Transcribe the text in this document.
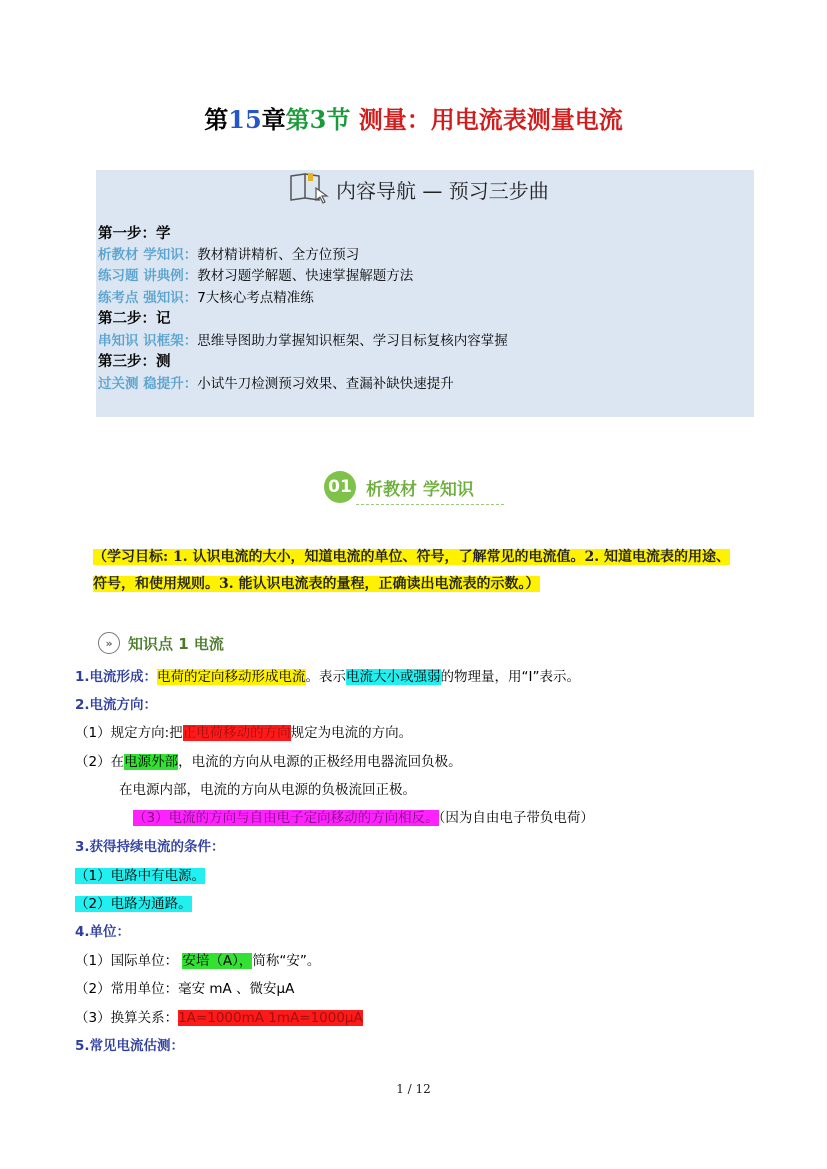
第15章第3节 测量：用电流表测量电流
内容导航 — 预习三步曲
第一步：学
析教材 学知识：教材精讲精析、全方位预习
练习题 讲典例：教材习题学解题、快速掌握解题方法
练考点 强知识：7大核心考点精准练
第二步：记
串知识 识框架：思维导图助力掌握知识框架、学习目标复核内容掌握
第三步：测
过关测 稳提升：小试牛刀检测预习效果、查漏补缺快速提升
01 析教材 学知识
（学习目标: 1. 认识电流的大小，知道电流的单位、符号，了解常见的电流值。2. 知道电流表的用途、
符号，和使用规则。3. 能认识电流表的量程，正确读出电流表的示数。）
»	知识点 1 电流
1.电流形成：电荷的定向移动形成电流。表示电流大小或强弱的物理量，用“I”表示。
2.电流方向：
（1）规定方向:把正电荷移动的方向规定为电流的方向。
（2）在电源外部，电流的方向从电源的正极经用电器流回负极。
在电源内部，电流的方向从电源的负极流回正极。
（3）电流的方向与自由电子定向移动的方向相反。（因为自由电子带负电荷）
3.获得持续电流的条件：
（1）电路中有电源。
（2）电路为通路。
4.单位：
（1）国际单位： 安培（A），简称“安”。
（2）常用单位：毫安 mA 、微安μA
（3）换算关系：1A=1000mA 1mA=1000μA
5.常见电流估测：
1 / 12
